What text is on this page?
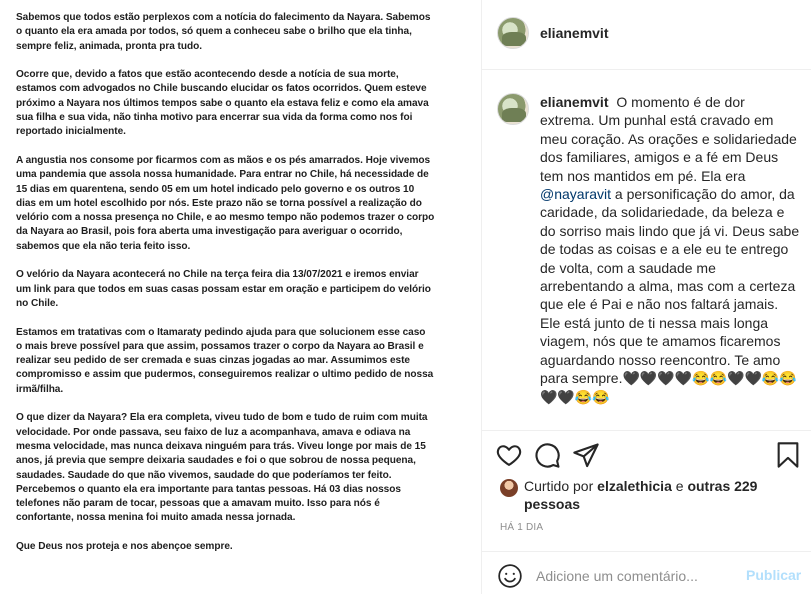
Sabemos que todos estão perplexos com a notícia do falecimento da Nayara. Sabemos
o quanto ela era amada por todos, só quem a conheceu sabe o brilho que ela tinha,
sempre feliz, animada, pronta pra tudo.

Ocorre que, devido a fatos que estão acontecendo desde a notícia de sua morte,
estamos com advogados no Chile buscando elucidar os fatos ocorridos. Quem esteve
próximo a Nayara nos últimos tempos sabe o quanto ela estava feliz e como ela amava
sua filha e sua vida, não tinha motivo para encerrar sua vida da forma como nos foi
reportado inicialmente.

A angustia nos consome por ficarmos com as mãos e os pés amarrados. Hoje vivemos
uma pandemia que assola nossa humanidade. Para entrar no Chile, há necessidade de
15 dias em quarentena, sendo 05 em um hotel indicado pelo governo e os outros 10
dias em um hotel escolhido por nós. Este prazo não se torna possível a realização do
velório com a nossa presença no Chile, e ao mesmo tempo não podemos trazer o corpo
da Nayara ao Brasil, pois fora aberta uma investigação para averiguar o ocorrido,
sabemos que ela não teria feito isso.

O velório da Nayara acontecerá no Chile na terça feira dia 13/07/2021 e iremos enviar
um link para que todos em suas casas possam estar em oração e participem do velório
no Chile.

Estamos em tratativas com o Itamaraty pedindo ajuda para que solucionem esse caso
o mais breve possível para que assim, possamos trazer o corpo da Nayara ao Brasil e
realizar seu pedido de ser cremada e suas cinzas jogadas ao mar. Assumimos este
compromisso e assim que pudermos, conseguiremos realizar o ultimo pedido de nossa
irmã/filha.

O que dizer da Nayara? Ela era completa, viveu tudo de bom e tudo de ruim com muita
velocidade. Por onde passava, seu faixo de luz a acompanhava, amava e odiava na
mesma velocidade, mas nunca deixava ninguém para trás. Viveu longe por mais de 15
anos, já previa que sempre deixaria saudades e foi o que sobrou de nossa pequena,
saudades. Saudade do que não vivemos, saudade do que poderíamos ter feito.
Percebemos o quanto ela era importante para tantas pessoas. Há 03 dias nossos
telefones não param de tocar, pessoas que a amavam muito. Isso para nós é
confortante, nossa menina foi muito amada nessa jornada.

Que Deus nos proteja e nos abençoe sempre.

elianemvit
elianemvit O momento é de dor extrema. Um punhal está cravado em meu coração. As orações e solidariedade dos familiares, amigos e a fé em Deus tem nos mantidos em pé. Ela era @nayaravit a personificação do amor, da caridade, da solidariedade, da beleza e do sorriso mais lindo que já vi. Deus sabe de todas as coisas e a ele eu te entrego de volta, com a saudade me arrebentando a alma, mas com a certeza que ele é Pai e não nos faltará jamais. Ele está junto de ti nessa mais longa viagem, nós que te amamos ficaremos aguardando nosso reencontro. Te amo para sempre.🖤🖤🖤🖤😂😂🖤🖤😂😂🖤🖤😂😂
Curtido por elzalethicia e outras 229 pessoas
HÁ 1 DIA
Adicione um comentário...
Publicar
